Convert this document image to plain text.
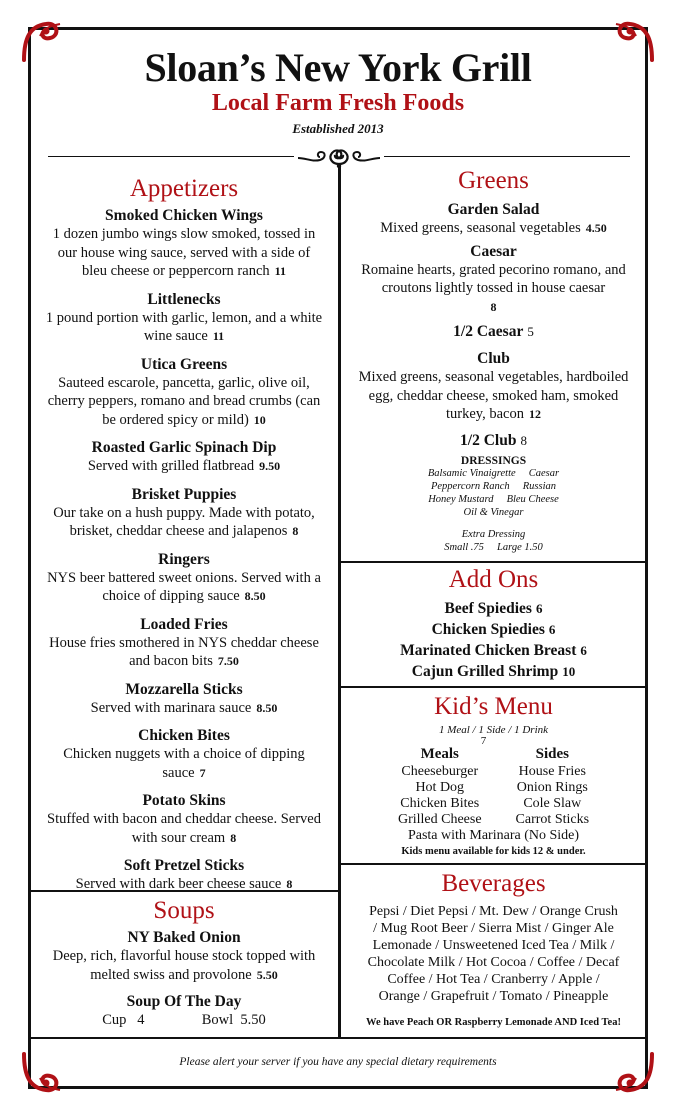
Sloan’s New York Grill
Local Farm Fresh Foods
Established 2013
Appetizers
Smoked Chicken Wings
1 dozen jumbo wings slow smoked, tossed in our house wing sauce, served with a side of bleu cheese or peppercorn ranch 11
Littlenecks
1 pound portion with garlic, lemon, and a white wine sauce 11
Utica Greens
Sauteed escarole, pancetta, garlic, olive oil, cherry peppers, romano and bread crumbs (can be ordered spicy or mild) 10
Roasted Garlic Spinach Dip
Served with grilled flatbread 9.50
Brisket Puppies
Our take on a hush puppy. Made with potato, brisket, cheddar cheese and jalapenos 8
Ringers
NYS beer battered sweet onions. Served with a choice of dipping sauce 8.50
Loaded Fries
House fries smothered in NYS cheddar cheese and bacon bits 7.50
Mozzarella Sticks
Served with marinara sauce 8.50
Chicken Bites
Chicken nuggets with a choice of dipping sauce 7
Potato Skins
Stuffed with bacon and cheddar cheese. Served with sour cream 8
Soft Pretzel Sticks
Served with dark beer cheese sauce 8
Soups
NY Baked Onion
Deep, rich, flavorful house stock topped with melted swiss and provolone 5.50
Soup Of The Day
Cup 4	Bowl 5.50
Greens
Garden Salad
Mixed greens, seasonal vegetables 4.50
Caesar
Romaine hearts, grated pecorino romano, and croutons lightly tossed in house caesar
8
1/2 Caesar 5
Club
Mixed greens, seasonal vegetables, hardboiled egg, cheddar cheese, smoked ham, smoked turkey, bacon 12
1/2 Club 8
DRESSINGS
Balsamic Vinaigrette     Caesar
Peppercorn Ranch     Russian
Honey Mustard     Bleu Cheese
Oil & Vinegar
Extra Dressing
Small .75     Large 1.50
Add Ons
Beef Spiedies 6
Chicken Spiedies 6
Marinated Chicken Breast 6
Cajun Grilled Shrimp 10
Kid’s Menu
1 Meal / 1 Side / 1 Drink
7
Meals
Cheeseburger
Hot Dog
Chicken Bites
Grilled Cheese
Sides
House Fries
Onion Rings
Cole Slaw
Carrot Sticks
Pasta with Marinara (No Side)
Kids menu available for kids 12 & under.
Beverages
Pepsi / Diet Pepsi / Mt. Dew / Orange Crush
/ Mug Root Beer / Sierra Mist / Ginger Ale
Lemonade / Unsweetened Iced Tea / Milk /
Chocolate Milk / Hot Cocoa / Coffee / Decaf
Coffee / Hot Tea / Cranberry / Apple /
Orange / Grapefruit / Tomato / Pineapple
We have Peach OR Raspberry Lemonade AND Iced Tea!
Please alert your server if you have any special dietary requirements
